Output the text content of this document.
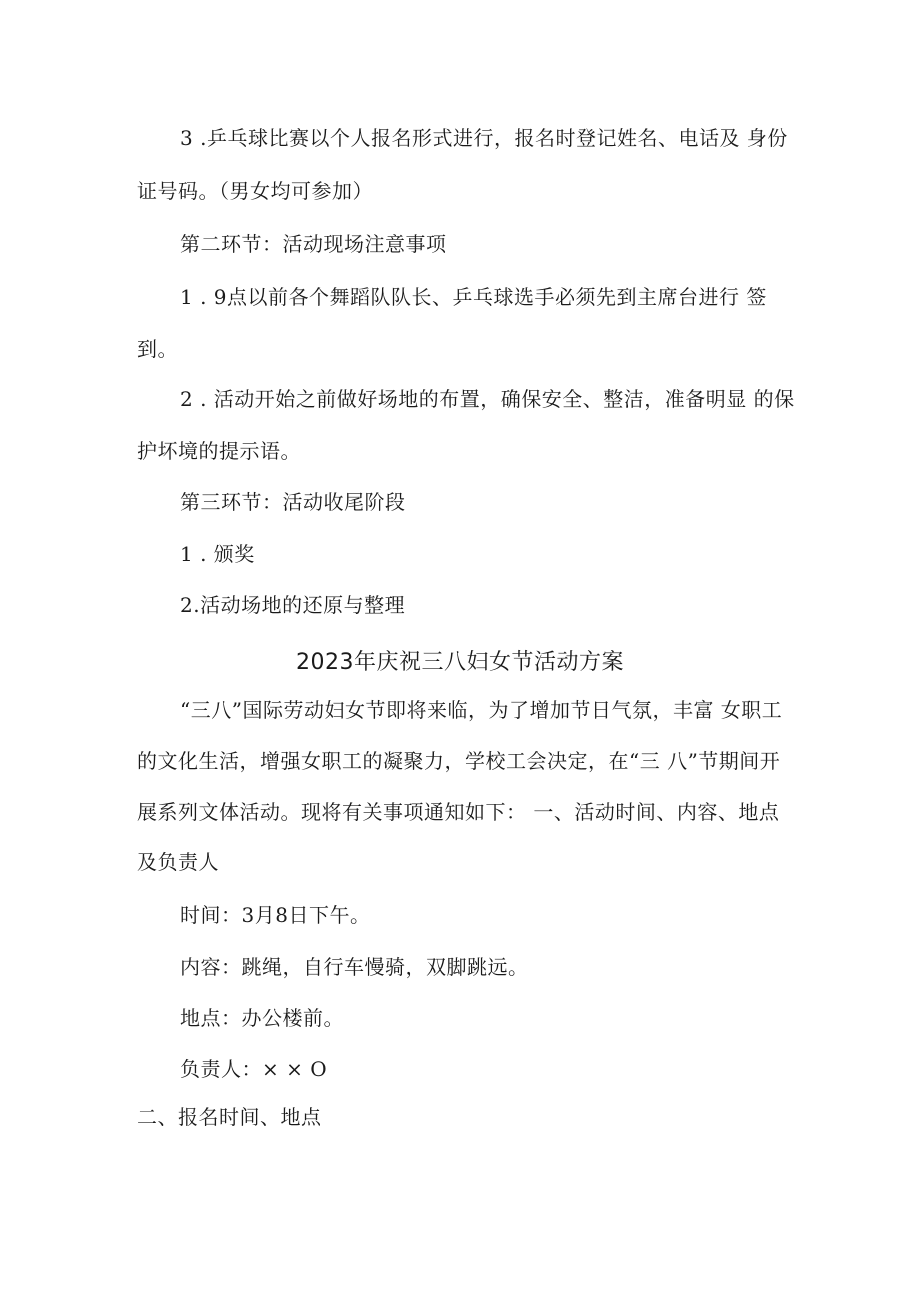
3 .乒乓球比赛以个人报名形式进行，报名时登记姓名、电话及 身份
证号码。（男女均可参加）
第二环节：活动现场注意事项
1 . 9点以前各个舞蹈队队长、乒乓球选手必须先到主席台进行 签
到。
2 . 活动开始之前做好场地的布置，确保安全、整洁，准备明显 的保
护坏境的提示语。
第三环节：活动收尾阶段
1 . 颁奖
2.活动场地的还原与整理
2023年庆祝三八妇女节活动方案
“三八”国际劳动妇女节即将来临，为了增加节日气氛，丰富 女职工
的文化生活，增强女职工的凝聚力，学校工会决定，在“三 八”节期间开
展系列文体活动。现将有关事项通知如下： 一、活动时间、内容、地点
及负责人
时间：3月8日下午。
内容：跳绳，自行车慢骑，双脚跳远。
地点：办公楼前。
负责人：× × O
二、报名时间、地点
